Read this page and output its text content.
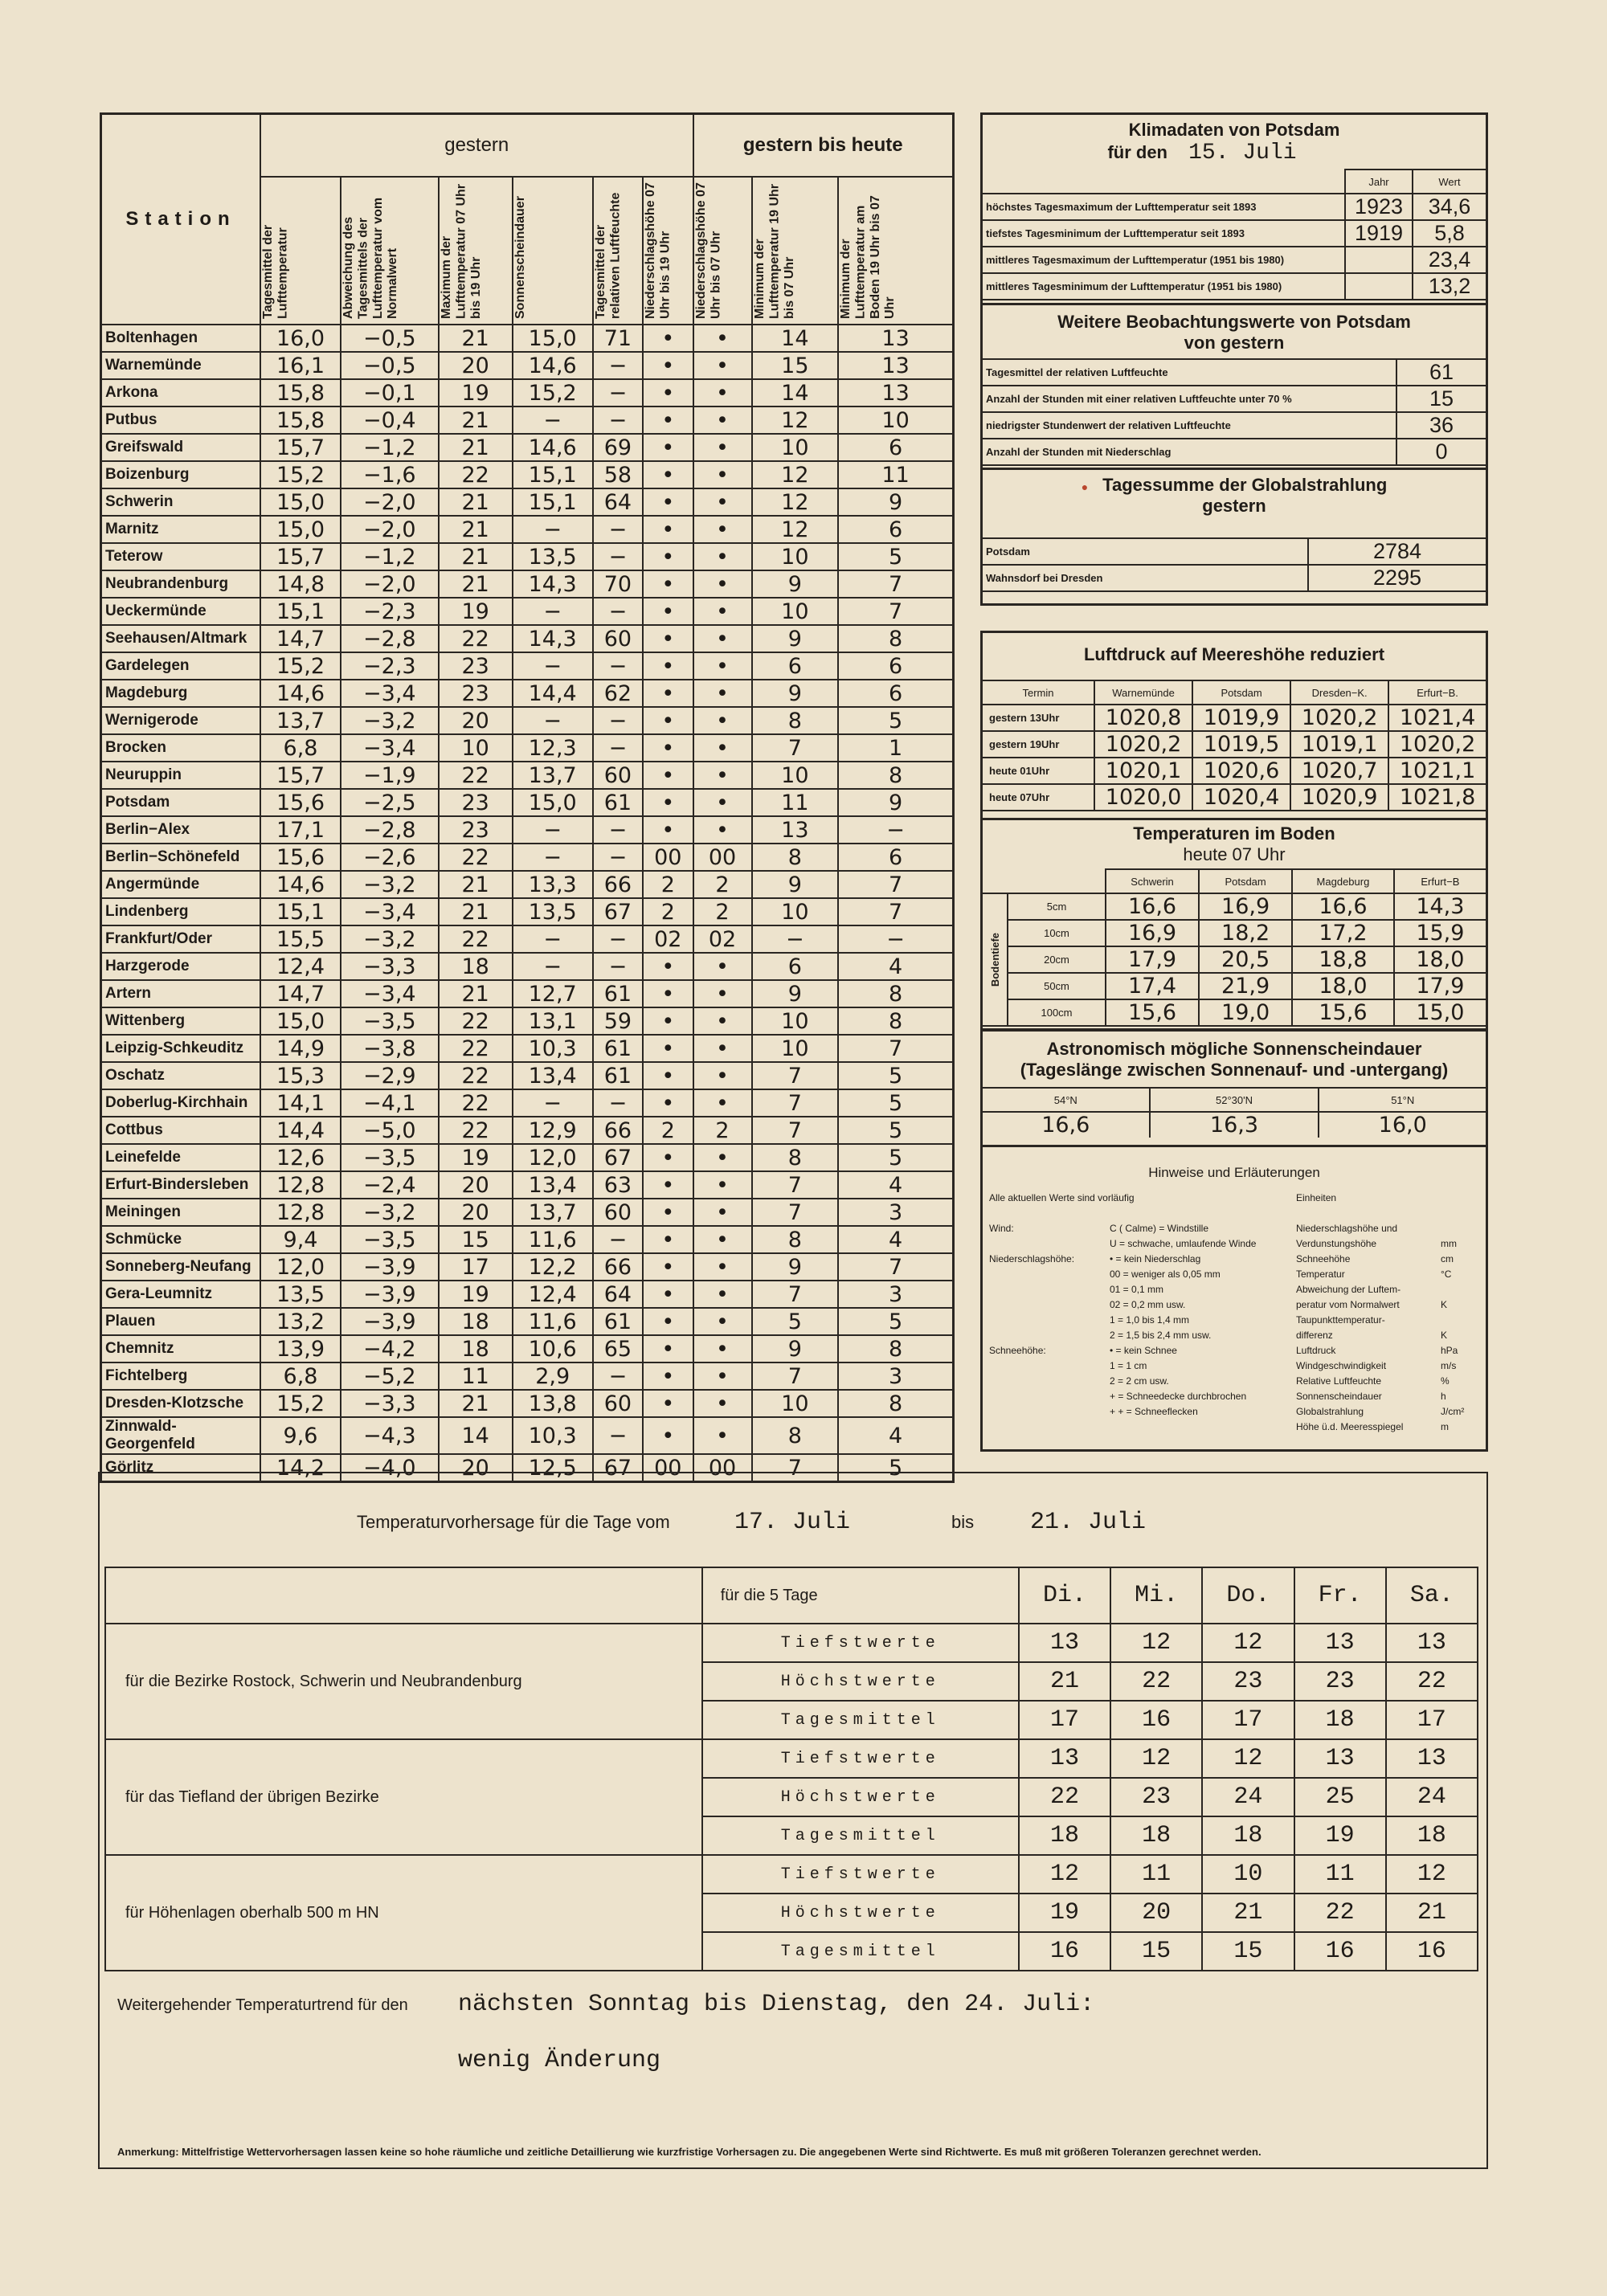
Station	gestern						gestern bis heute		

	Tagesmittel der Lufttemperatur	Abweichung des Tagesmittels der Lufttemperatur vom Normalwert	Maximum der Lufttemperatur 07 Uhr bis 19 Uhr	Sonnenscheindauer	Tagesmittel der relativen Luftfeuchte	Niederschlagshöhe 07 Uhr bis 19 Uhr	Niederschlagshöhe 07 Uhr bis 07 Uhr	Minimum der Lufttemperatur 19 Uhr bis 07 Uhr	Minimum der Lufttemperatur am Boden 19 Uhr bis 07 Uhr

Boltenhagen	16,0	−0,5	21	15,0	71	•	•	14	13
Warnemünde	16,1	−0,5	20	14,6	−	•	•	15	13
Arkona	15,8	−0,1	19	15,2	−	•	•	14	13
Putbus	15,8	−0,4	21	−	−	•	•	12	10
Greifswald	15,7	−1,2	21	14,6	69	•	•	10	6
Boizenburg	15,2	−1,6	22	15,1	58	•	•	12	11
Schwerin	15,0	−2,0	21	15,1	64	•	•	12	9
Marnitz	15,0	−2,0	21	−	−	•	•	12	6
Teterow	15,7	−1,2	21	13,5	−	•	•	10	5
Neubrandenburg	14,8	−2,0	21	14,3	70	•	•	9	7
Ueckermünde	15,1	−2,3	19	−	−	•	•	10	7
Seehausen/Altmark	14,7	−2,8	22	14,3	60	•	•	9	8
Gardelegen	15,2	−2,3	23	−	−	•	•	6	6
Magdeburg	14,6	−3,4	23	14,4	62	•	•	9	6
Wernigerode	13,7	−3,2	20	−	−	•	•	8	5
Brocken	6,8	−3,4	10	12,3	−	•	•	7	1
Neuruppin	15,7	−1,9	22	13,7	60	•	•	10	8
Potsdam	15,6	−2,5	23	15,0	61	•	•	11	9
Berlin−Alex	17,1	−2,8	23	−	−	•	•	13	−
Berlin−Schönefeld	15,6	−2,6	22	−	−	00	00	8	6
Angermünde	14,6	−3,2	21	13,3	66	2	2	9	7
Lindenberg	15,1	−3,4	21	13,5	67	2	2	10	7
Frankfurt/Oder	15,5	−3,2	22	−	−	02	02	−	−
Harzgerode	12,4	−3,3	18	−	−	•	•	6	4
Artern	14,7	−3,4	21	12,7	61	•	•	9	8
Wittenberg	15,0	−3,5	22	13,1	59	•	•	10	8
Leipzig-Schkeuditz	14,9	−3,8	22	10,3	61	•	•	10	7
Oschatz	15,3	−2,9	22	13,4	61	•	•	7	5
Doberlug-Kirchhain	14,1	−4,1	22	−	−	•	•	7	5
Cottbus	14,4	−5,0	22	12,9	66	2	2	7	5
Leinefelde	12,6	−3,5	19	12,0	67	•	•	8	5
Erfurt-Bindersleben	12,8	−2,4	20	13,4	63	•	•	7	4
Meiningen	12,8	−3,2	20	13,7	60	•	•	7	3
Schmücke	9,4	−3,5	15	11,6	−	•	•	8	4
Sonneberg-Neufang	12,0	−3,9	17	12,2	66	•	•	9	7
Gera-Leumnitz	13,5	−3,9	19	12,4	64	•	•	7	3
Plauen	13,2	−3,9	18	11,6	61	•	•	5	5
Chemnitz	13,9	−4,2	18	10,6	65	•	•	9	8
Fichtelberg	6,8	−5,2	11	2,9	−	•	•	7	3
Dresden-Klotzsche	15,2	−3,3	21	13,8	60	•	•	10	8
Zinnwald-Georgenfeld	9,6	−4,3	14	10,3	−	•	•	8	4
Görlitz	14,2	−4,0	20	12,5	67	00	00	7	5
Klimadaten von Potsdam
für den 15. Juli
	Jahr	Wert
höchstes Tagesmaximum der Lufttemperatur seit 1893	1923	34,6
tiefstes Tagesminimum der Lufttemperatur seit 1893	1919	5,8
mittleres Tagesmaximum der Lufttemperatur (1951 bis 1980)		23,4
mittleres Tagesminimum der Lufttemperatur (1951 bis 1980)		13,2
Weitere Beobachtungswerte von Potsdam
von gestern
Tagesmittel der relativen Luftfeuchte	61
Anzahl der Stunden mit einer relativen Luftfeuchte unter 70 %	15
niedrigster Stundenwert der relativen Luftfeuchte	36
Anzahl der Stunden mit Niederschlag	0
● Tagessumme der Globalstrahlung
gestern
Potsdam	2784
Wahnsdorf bei Dresden	2295
Luftdruck auf Meereshöhe reduziert
Termin	Warnemünde	Potsdam	Dresden−K.	Erfurt−B.
gestern 13Uhr	1020,8	1019,9	1020,2	1021,4
gestern 19Uhr	1020,2	1019,5	1019,1	1020,2
heute 01Uhr	1020,1	1020,6	1020,7	1021,1
heute 07Uhr	1020,0	1020,4	1020,9	1021,8
Temperaturen im Boden
heute 07 Uhr
		Schwerin	Potsdam	Magdeburg	Erfurt−B

Bodentiefe	5cm	16,6	16,9	16,6	14,3
	10cm	16,9	18,2	17,2	15,9
	20cm	17,9	20,5	18,8	18,0
	50cm	17,4	21,9	18,0	17,9
	100cm	15,6	19,0	15,6	15,0
Astronomisch mögliche Sonnenscheindauer
(Tageslänge zwischen Sonnenauf- und -untergang)
54°N	52°30'N	51°N
16,6	16,3	16,0
Hinweise und Erläuterungen
Alle aktuellen Werte sind vorläufig	Einheiten
Wind:	C ( Calme) = Windstille
U = schwache, umlaufende Winde
Niederschlagshöhe:	• = kein Niederschlag
00 = weniger als 0,05 mm
01 = 0,1 mm
02 = 0,2 mm usw.
1 = 1,0 bis 1,4 mm
2 = 1,5 bis 2,4 mm usw.
Schneehöhe:	• = kein Schnee
1 = 1 cm
2 = 2 cm usw.
+ = Schneedecke durchbrochen
+ + = Schneeflecken
Niederschlagshöhe und
Verdunstungshöhe	mm
Schneehöhe	cm
Temperatur	°C
Abweichung der Luftem-
peratur vom Normalwert	K
Taupunkttemperatur-
differenz	K
Luftdruck	hPa
Windgeschwindigkeit	m/s
Relative Luftfeuchte	%
Sonnenscheindauer	h
Globalstrahlung	J/cm²
Höhe ü.d. Meeresspiegel	m
Temperaturvorhersage für die Tage vom	17. Juli	bis 21. Juli
	für die 5 Tage	Di.	Mi.	Do.	Fr.	Sa.
für die Bezirke Rostock, Schwerin und Neubrandenburg	Tiefstwerte	13	12	12	13	13
	Höchstwerte	21	22	23	23	22
	Tagesmittel	17	16	17	18	17
für das Tiefland der übrigen Bezirke	Tiefstwerte	13	12	12	13	13
	Höchstwerte	22	23	24	25	24
	Tagesmittel	18	18	18	19	18
für Höhenlagen oberhalb 500 m HN	Tiefstwerte	12	11	10	11	12
	Höchstwerte	19	20	21	22	21
	Tagesmittel	16	15	15	16	16
Weitergehender Temperaturtrend für den nächsten Sonntag bis Dienstag, den 24. Juli:
wenig Änderung
Anmerkung: Mittelfristige Wettervorhersagen lassen keine so hohe räumliche und zeitliche Detaillierung wie kurzfristige Vorhersagen zu. Die angegebenen Werte sind Richtwerte. Es muß mit größeren Toleranzen gerechnet werden.
